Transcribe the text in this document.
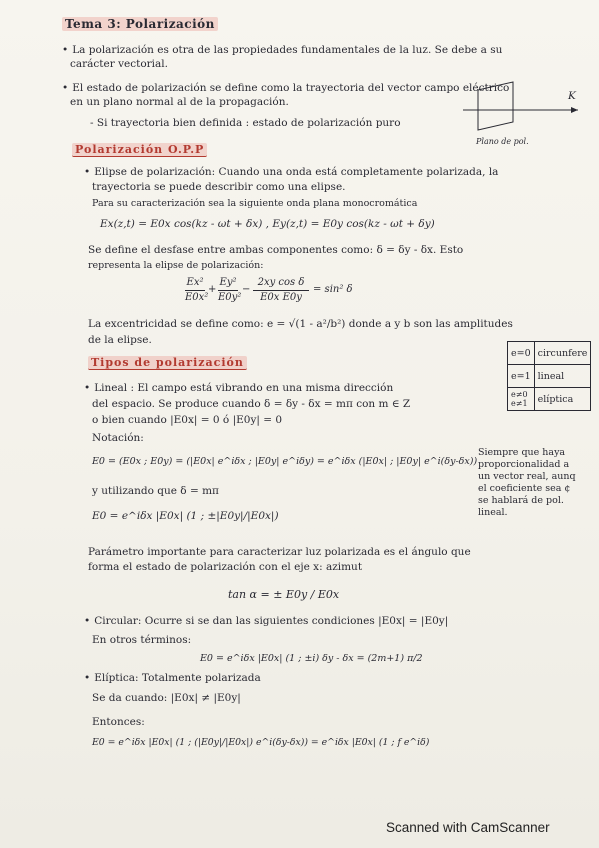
Tema 3: Polarización
• La polarización es otra de las propiedades fundamentales de la luz. Se debe a su
carácter vectorial.
• El estado de polarización se define como la trayectoria del vector campo eléctrico
en un plano normal al de la propagación.
- Si trayectoria bien definida : estado de polarización puro
K
Plano de pol.
Polarización O.P.P
• Elipse de polarización: Cuando una onda está completamente polarizada, la
trayectoria se puede describir como una elipse.
Para su caracterización sea la siguiente onda plana monocromática
Ex(z,t) = E0x cos(kz - ωt + δx) , Ey(z,t) = E0y cos(kz - ωt + δy)
Se define el desfase entre ambas componentes como: δ = δy - δx. Esto
representa la elipse de polarización:
Ex²
E0x²
+
Ey²
E0y²
−
2xy cos δ
E0x E0y
= sin² δ
La excentricidad se define como: e = √(1 - a²/b²) donde a y b son las amplitudes
de la elipse.
e=0	circunfere
e=1	lineal
e≠0 e≠1	elíptica
Tipos de polarización
• Lineal : El campo está vibrando en una misma dirección
del espacio. Se produce cuando δ = δy - δx = mπ con m ∈ Z
o bien cuando |E0x| = 0 ó |E0y| = 0
Notación:
E0 = (E0x ; E0y) = (|E0x| e^iδx ; |E0y| e^iδy) = e^iδx (|E0x| ; |E0y| e^i(δy-δx))
y utilizando que δ = mπ
E0 = e^iδx |E0x| (1 ; ±|E0y|/|E0x|)
Siempre que haya proporcionalidad a un vector real, aunq el coeficiente sea ¢ se hablará de pol. lineal.
Parámetro importante para caracterizar luz polarizada es el ángulo que
forma el estado de polarización con el eje x: azimut
tan α = ± E0y / E0x
• Circular: Ocurre si se dan las siguientes condiciones |E0x| = |E0y|
En otros términos:
E0 = e^iδx |E0x| (1 ; ±i) δy - δx = (2m+1) π/2
• Elíptica: Totalmente polarizada
Se da cuando: |E0x| ≠ |E0y|
Entonces:
E0 = e^iδx |E0x| (1 ; (|E0y|/|E0x|) e^i(δy-δx)) = e^iδx |E0x| (1 ; f e^iδ)
Scanned with CamScanner
